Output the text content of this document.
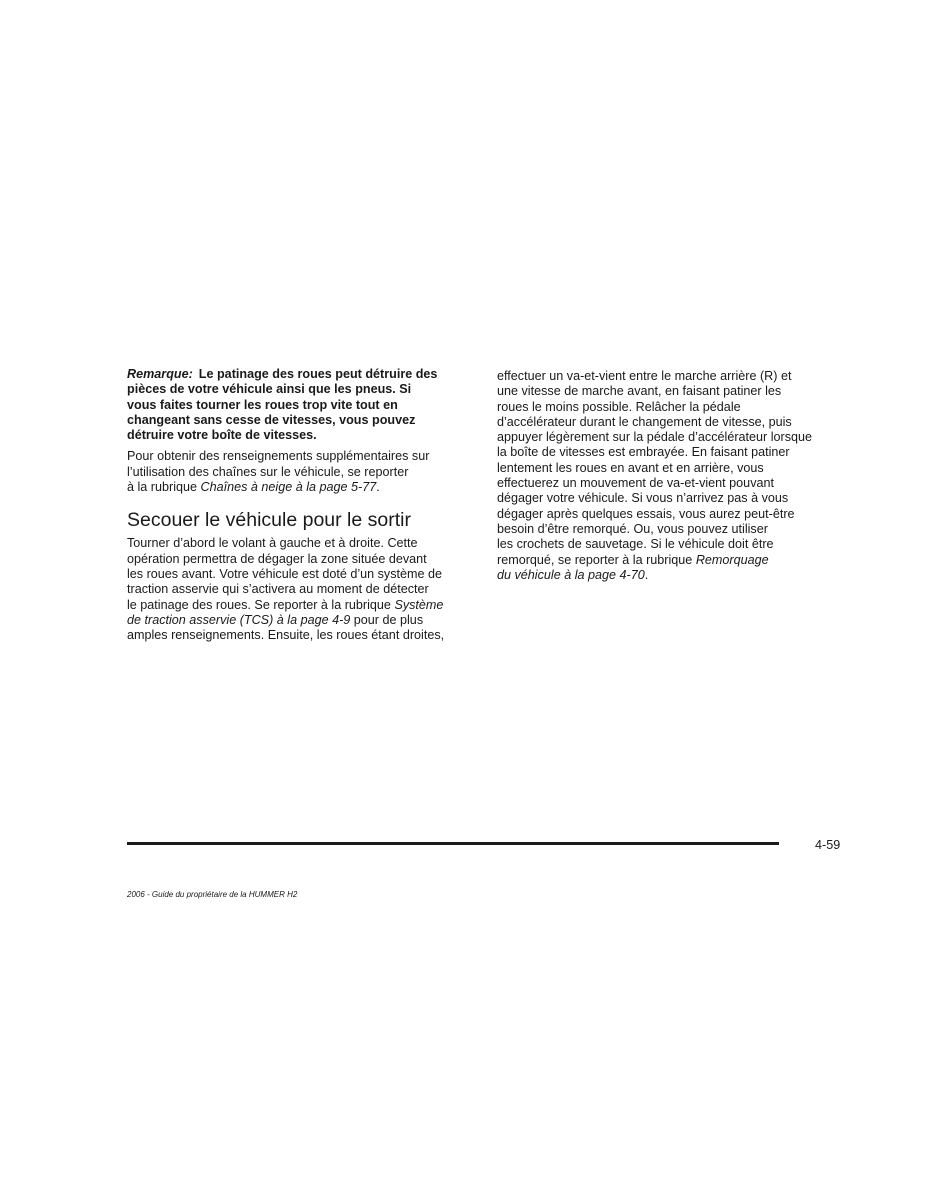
Remarque: Le patinage des roues peut détruire des
pièces de votre véhicule ainsi que les pneus. Si
vous faites tourner les roues trop vite tout en
changeant sans cesse de vitesses, vous pouvez
détruire votre boîte de vitesses.
Pour obtenir des renseignements supplémentaires sur
l’utilisation des chaînes sur le véhicule, se reporter
à la rubrique Chaînes à neige à la page 5-77.
Secouer le véhicule pour le sortir
Tourner d’abord le volant à gauche et à droite. Cette
opération permettra de dégager la zone située devant
les roues avant. Votre véhicule est doté d’un système de
traction asservie qui s’activera au moment de détecter
le patinage des roues. Se reporter à la rubrique Système
de traction asservie (TCS) à la page 4-9 pour de plus
amples renseignements. Ensuite, les roues étant droites,
effectuer un va-et-vient entre le marche arrière (R) et
une vitesse de marche avant, en faisant patiner les
roues le moins possible. Relâcher la pédale
d’accélérateur durant le changement de vitesse, puis
appuyer légèrement sur la pédale d’accélérateur lorsque
la boîte de vitesses est embrayée. En faisant patiner
lentement les roues en avant et en arrière, vous
effectuerez un mouvement de va-et-vient pouvant
dégager votre véhicule. Si vous n’arrivez pas à vous
dégager après quelques essais, vous aurez peut-être
besoin d’être remorqué. Ou, vous pouvez utiliser
les crochets de sauvetage. Si le véhicule doit être
remorqué, se reporter à la rubrique Remorquage
du véhicule à la page 4-70.
4-59
2006 - Guide du propriétaire de la HUMMER H2
